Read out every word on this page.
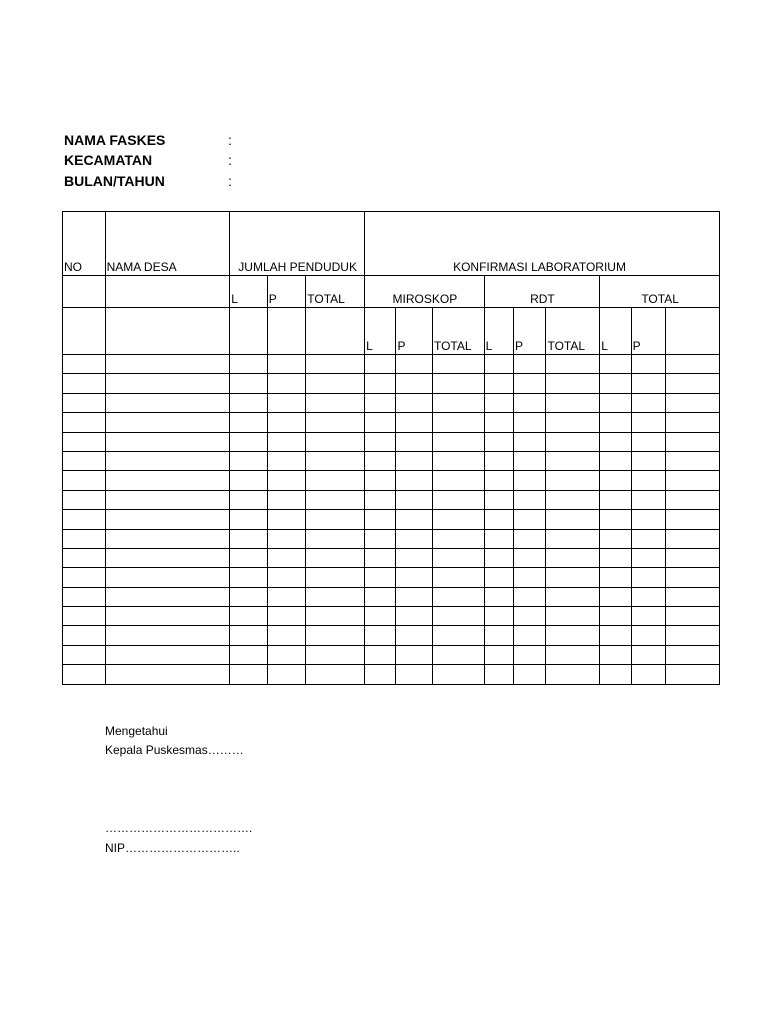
NAMA FASKES	:
KECAMATAN	:
BULAN/TAHUN	:
NO	NAMA DESA	JUMLAH PENDUDUK			KONFIRMASI LABORATORIUM								
		L	P	TOTAL	MIROSKOP			RDT			TOTAL		
					L	P	TOTAL	L	P	TOTAL	L	P	

Mengetahui
Kepala Puskesmas………
……………………………….
NIP………………………..
